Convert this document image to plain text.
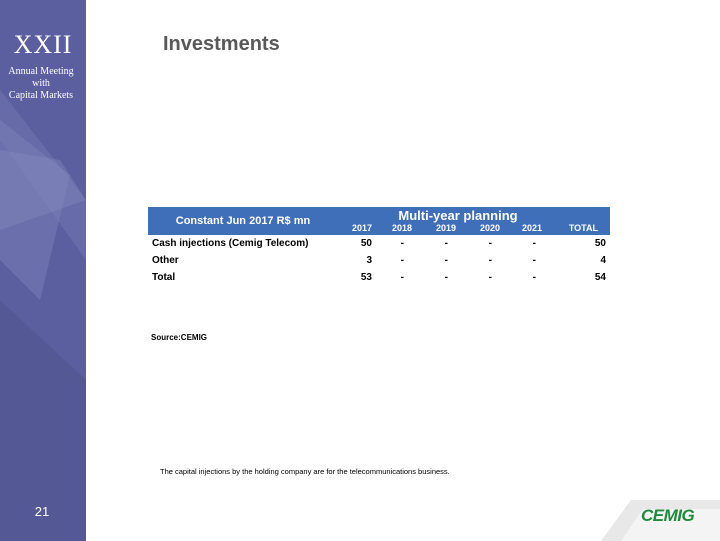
XXII
Annual Meeting
with
Capital Markets
21
Investments
Constant Jun 2017 R$ mn	Multi-year planning
2017	2018	2019	2020	2021	TOTAL
Cash injections (Cemig Telecom)	50	-	-	-	-	50
Other	3	-	-	-	-	4
Total	53	-	-	-	-	54
Source:CEMIG
The capital injections by the holding company are for the telecommunications business.
CEMIG
